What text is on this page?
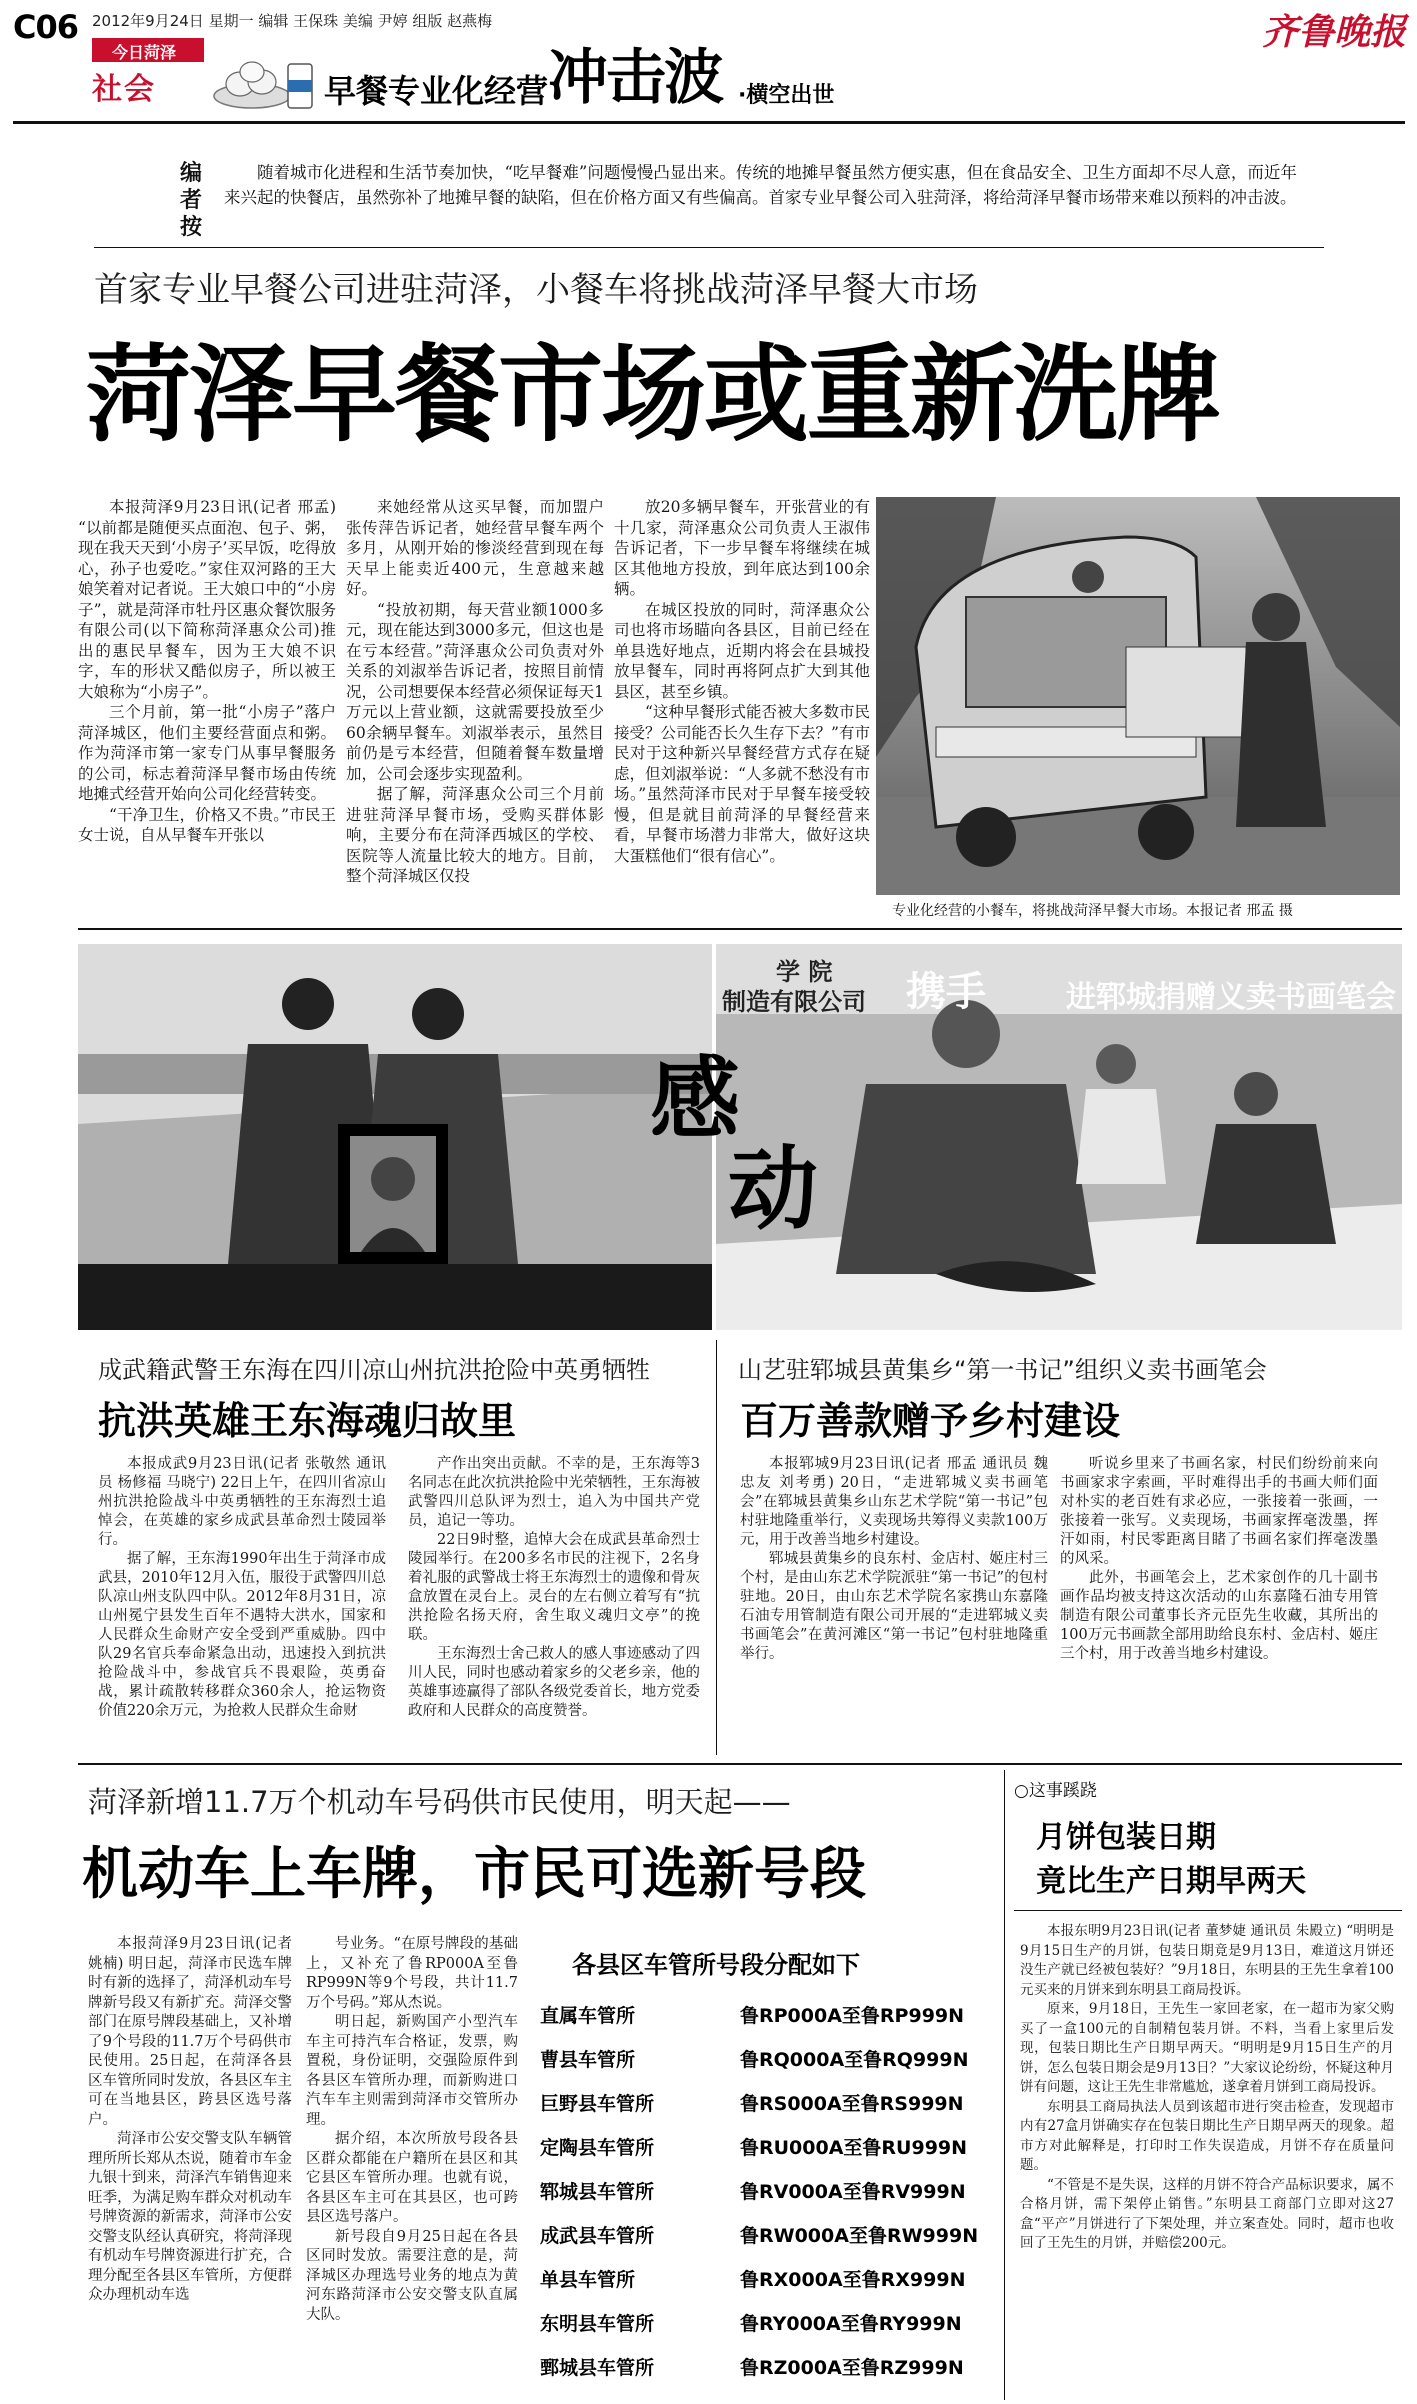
C06 2012年9月24日 星期一 编辑 王保珠 美编 尹婷 组版 赵燕梅
今日菏泽
社会	早餐专业化经营 冲击波 ·横空出世
齐鲁晚报
编者按
随着城市化进程和生活节奏加快，“吃早餐难”问题慢慢凸显出来。传统的地摊早餐虽然方便实惠，但在食品安全、卫生方面却不尽人意，而近年来兴起的快餐店，虽然弥补了地摊早餐的缺陷，但在价格方面又有些偏高。首家专业早餐公司入驻菏泽，将给菏泽早餐市场带来难以预料的冲击波。
首家专业早餐公司进驻菏泽，小餐车将挑战菏泽早餐大市场
菏泽早餐市场或重新洗牌

本报菏泽9月23日讯(记者 邢孟) “以前都是随便买点面泡、包子、粥，现在我天天到‘小房子’买早饭，吃得放心，孙子也爱吃。”家住双河路的王大娘笑着对记者说。王大娘口中的“小房子”，就是菏泽市牡丹区惠众餐饮服务有限公司(以下简称菏泽惠众公司)推出的惠民早餐车，因为王大娘不识字，车的形状又酷似房子，所以被王大娘称为“小房子”。

三个月前，第一批“小房子”落户菏泽城区，他们主要经营面点和粥。作为菏泽市第一家专门从事早餐服务的公司，标志着菏泽早餐市场由传统地摊式经营开始向公司化经营转变。

“干净卫生，价格又不贵。”市民王女士说，自从早餐车开张以

来她经常从这买早餐，而加盟户张传萍告诉记者，她经营早餐车两个多月，从刚开始的惨淡经营到现在每天早上能卖近400元，生意越来越好。

“投放初期，每天营业额1000多元，现在能达到3000多元，但这也是在亏本经营。”菏泽惠众公司负责对外关系的刘淑举告诉记者，按照目前情况，公司想要保本经营必须保证每天1万元以上营业额，这就需要投放至少60余辆早餐车。刘淑举表示，虽然目前仍是亏本经营，但随着餐车数量增加，公司会逐步实现盈利。

据了解，菏泽惠众公司三个月前进驻菏泽早餐市场，受购买群体影响，主要分布在菏泽西城区的学校、医院等人流量比较大的地方。目前，整个菏泽城区仅投

放20多辆早餐车，开张营业的有十几家，菏泽惠众公司负责人王淑伟告诉记者，下一步早餐车将继续在城区其他地方投放，到年底达到100余辆。

在城区投放的同时，菏泽惠众公司也将市场瞄向各县区，目前已经在单县选好地点，近期内将会在县城投放早餐车，同时再将阿点扩大到其他县区，甚至乡镇。

“这种早餐形式能否被大多数市民接受？公司能否长久生存下去？”有市民对于这种新兴早餐经营方式存在疑虑，但刘淑举说：“人多就不愁没有市场。”虽然菏泽市民对于早餐车接受较慢，但是就目前菏泽的早餐经营来看，早餐市场潜力非常大，做好这块大蛋糕他们“很有信心”。

专业化经营的小餐车，将挑战菏泽早餐大市场。本报记者 邢孟 摄
学 院
制造有限公司 携手	进郓城捐赠义卖书画笔会
感
动
成武籍武警王东海在四川凉山州抗洪抢险中英勇牺牲
抗洪英雄王东海魂归故里

本报成武9月23日讯(记者 张敬然 通讯员 杨修福 马晓宁) 22日上午，在四川省凉山州抗洪抢险战斗中英勇牺牲的王东海烈士追悼会，在英雄的家乡成武县革命烈士陵园举行。

据了解，王东海1990年出生于菏泽市成武县，2010年12月入伍，服役于武警四川总队凉山州支队四中队。2012年8月31日，凉山州冕宁县发生百年不遇特大洪水，国家和人民群众生命财产安全受到严重威胁。四中队29名官兵奉命紧急出动，迅速投入到抗洪抢险战斗中，参战官兵不畏艰险，英勇奋战，累计疏散转移群众360余人，抢运物资价值220余万元，为抢救人民群众生命财

产作出突出贡献。不幸的是，王东海等3名同志在此次抗洪抢险中光荣牺牲，王东海被武警四川总队评为烈士，追入为中国共产党员，追记一等功。

22日9时整，追悼大会在成武县革命烈士陵园举行。在200多名市民的注视下，2名身着礼服的武警战士将王东海烈士的遗像和骨灰盒放置在灵台上。灵台的左右侧立着写有“抗洪抢险名扬天府，舍生取义魂归文亭”的挽联。

王东海烈士舍己救人的感人事迹感动了四川人民，同时也感动着家乡的父老乡亲，他的英雄事迹赢得了部队各级党委首长，地方党委政府和人民群众的高度赞誉。

山艺驻郓城县黄集乡“第一书记”组织义卖书画笔会
百万善款赠予乡村建设

本报郓城9月23日讯(记者 邢孟 通讯员 魏忠友 刘考勇) 20日，“走进郓城义卖书画笔会”在郓城县黄集乡山东艺术学院“第一书记”包村驻地隆重举行，义卖现场共筹得义卖款100万元，用于改善当地乡村建设。

郓城县黄集乡的良东村、金店村、姬庄村三个村，是由山东艺术学院派驻“第一书记”的包村驻地。20日，由山东艺术学院名家携山东嘉隆石油专用管制造有限公司开展的“走进郓城义卖书画笔会”在黄河滩区“第一书记”包村驻地隆重举行。

听说乡里来了书画名家，村民们纷纷前来向书画家求字索画，平时难得出手的书画大师们面对朴实的老百姓有求必应，一张接着一张画，一张接着一张写。义卖现场，书画家挥毫泼墨，挥汗如雨，村民零距离目睹了书画名家们挥毫泼墨的风采。

此外，书画笔会上，艺术家创作的几十副书画作品均被支持这次活动的山东嘉隆石油专用管制造有限公司董事长齐元臣先生收藏，其所出的100万元书画款全部用助给良东村、金店村、姬庄三个村，用于改善当地乡村建设。

菏泽新增11.7万个机动车号码供市民使用，明天起——
机动车上车牌，市民可选新号段

本报菏泽9月23日讯(记者 姚楠) 明日起，菏泽市民选车牌时有新的选择了，菏泽机动车号牌新号段又有新扩充。菏泽交警部门在原号牌段基础上，又补增了9个号段的11.7万个号码供市民使用。25日起，在菏泽各县区车管所同时发放，各县区车主可在当地县区，跨县区选号落户。

菏泽市公安交警支队车辆管理所所长郑从杰说，随着市车金九银十到来，菏泽汽车销售迎来旺季，为满足购车群众对机动车号牌资源的新需求，菏泽市公安交警支队经认真研究，将菏泽现有机动车号牌资源进行扩充，合理分配至各县区车管所，方便群众办理机动车选

号业务。“在原号牌段的基础上，又补充了鲁RP000A至鲁RP999N等9个号段，共计11.7万个号码。”郑从杰说。

明日起，新购国产小型汽车车主可持汽车合格证，发票，购置税，身份证明，交强险原件到各县区车管所办理，而新购进口汽车车主则需到菏泽市交管所办理。

据介绍，本次所放号段各县区群众都能在户籍所在县区和其它县区车管所办理。也就有说，各县区车主可在其县区，也可跨县区选号落户。

新号段自9月25日起在各县区同时发放。需要注意的是，菏泽城区办理选号业务的地点为黄河东路菏泽市公安交警支队直属大队。

各县区车管所号段分配如下
直属车管所	鲁RP000A至鲁RP999N
曹县车管所	鲁RQ000A至鲁RQ999N
巨野县车管所	鲁RS000A至鲁RS999N
定陶县车管所	鲁RU000A至鲁RU999N
郓城县车管所	鲁RV000A至鲁RV999N
成武县车管所	鲁RW000A至鲁RW999N
单县车管所	鲁RX000A至鲁RX999N
东明县车管所	鲁RY000A至鲁RY999N
鄄城县车管所	鲁RZ000A至鲁RZ999N
○这事蹊跷
月饼包装日期
竟比生产日期早两天

本报东明9月23日讯(记者 董梦婕 通讯员 朱殿立) “明明是9月15日生产的月饼，包装日期竟是9月13日，难道这月饼还没生产就已经被包装好？”9月18日，东明县的王先生拿着100元买来的月饼来到东明县工商局投诉。

原来，9月18日，王先生一家回老家，在一超市为家父购买了一盒100元的自制精包装月饼。不料，当看上家里后发现，包装日期比生产日期早两天。“明明是9月15日生产的月饼，怎么包装日期会是9月13日？”大家议论纷纷，怀疑这种月饼有问题，这让王先生非常尴尬，遂拿着月饼到工商局投诉。

东明县工商局执法人员到该超市进行突击检查，发现超市内有27盒月饼确实存在包装日期比生产日期早两天的现象。超市方对此解释是，打印时工作失误造成，月饼不存在质量问题。

“不管是不是失误，这样的月饼不符合产品标识要求，属不合格月饼，需下架停止销售。”东明县工商部门立即对这27盒“平产”月饼进行了下架处理，并立案查处。同时，超市也收回了王先生的月饼，并赔偿200元。
